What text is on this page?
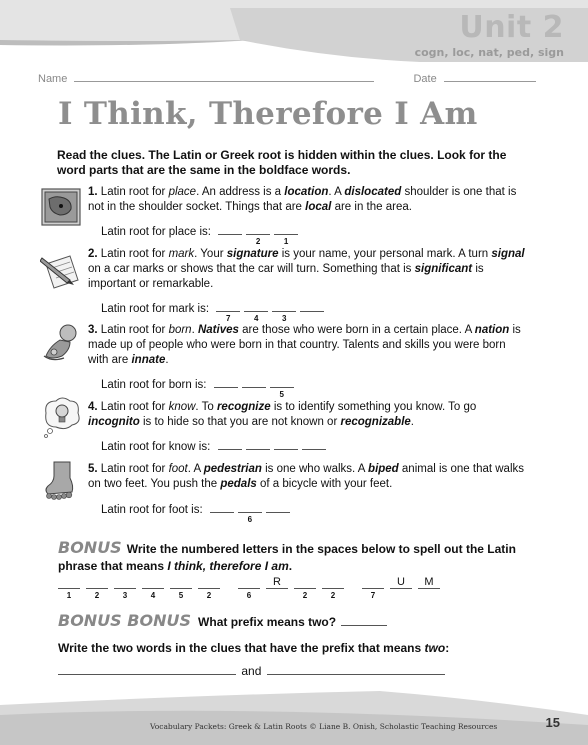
Unit 2
cogn, loc, nat, ped, sign
Name	Date
I Think, Therefore I Am
Read the clues. The Latin or Greek root is hidden within the clues. Look for the word parts that are the same in the boldface words.
1. Latin root for place. An address is a location. A dislocated shoulder is one that is not in the shoulder socket. Things that are local are in the area.
Latin root for place is:
2	1
2. Latin root for mark. Your signature is your name, your personal mark. A turn signal on a car marks or shows that the car will turn. Something that is significant is important or remarkable.
Latin root for mark is:
7	4	3
3. Latin root for born. Natives are those who were born in a certain place. A nation is made up of people who were born in that country. Talents and skills you were born with are innate.
Latin root for born is:
5
4. Latin root for know. To recognize is to identify something you know. To go incognito is to hide so that you are not known or recognizable.
Latin root for know is:
5. Latin root for foot. A pedestrian is one who walks. A biped animal is one that walks on two feet. You push the pedals of a bicycle with your feet.
Latin root for foot is:
6
BONUS Write the numbered letters in the spaces below to spell out the Latin phrase that means I think, therefore I am.
1	2	3	4	5	2	6
R
2	2	7
U	M
BONUS BONUS What prefix means two?
Write the two words in the clues that have the prefix that means two:
and
Vocabulary Packets: Greek & Latin Roots © Liane B. Onish, Scholastic Teaching Resources	15
